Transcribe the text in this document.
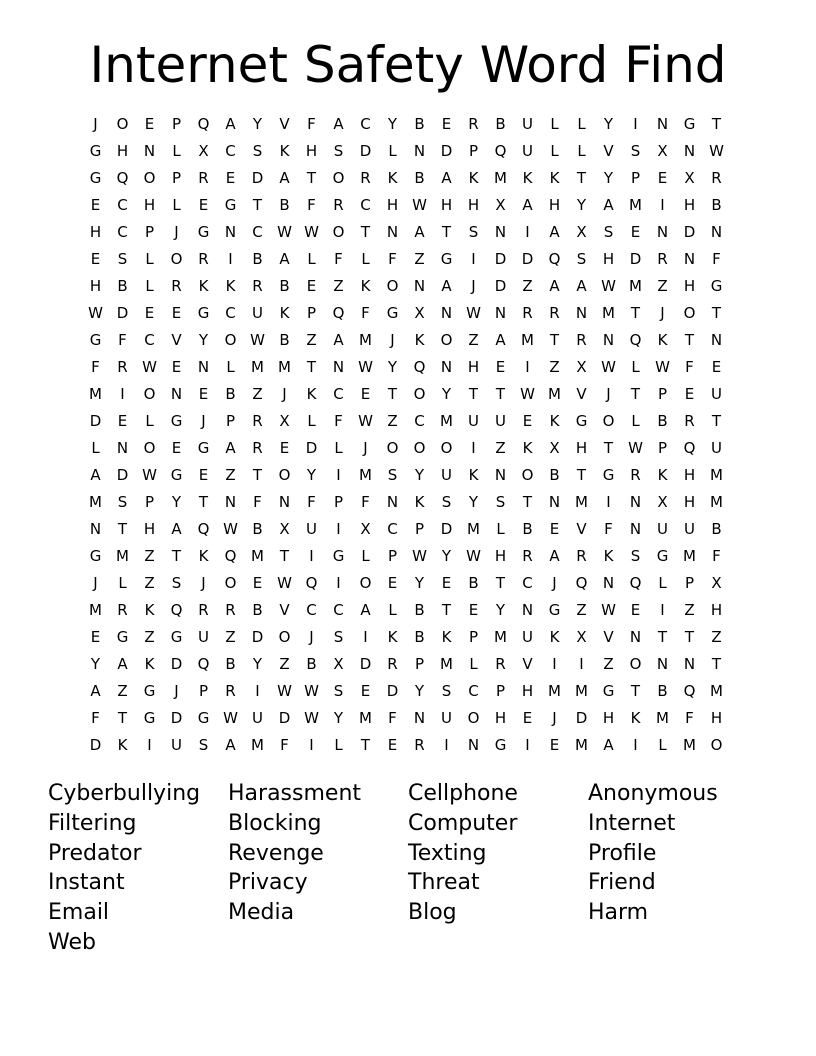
Internet Safety Word Find
J	O	E	P	Q	A	Y	V	F	A	C	Y	B	E	R	B	U	L	L	Y	I	N	G	T
G	H	N	L	X	C	S	K	H	S	D	L	N	D	P	Q	U	L	L	V	S	X	N W
G	Q	O	P	R	E	D	A	T	O	R	K	B	A	K	M	K	K	T	Y	P	E	X	R
E	C	H	L	E	G	T	B	F	R	C	H W H	H	X	A	H	Y	A	M	I	H	B
H	C	P	J	G	N	C W W O	T	N	A	T	S	N	I	A	X	S	E	N	D	N
E	S	L	O	R	I	B	A	L	F	L	F	Z	G	I	D	D	Q	S	H	D	R	N	F
H	B	L	R	K	K	R	B	E	Z	K	O	N	A	J	D	Z	A	A W M	Z	H	G
W D	E	E	G	C	U	K	P	Q	F	G	X	N W N	R	R	N M	T	J	O	T
G	F	C	V	Y	O W B	Z	A	M	J	K	O	Z	A	M	T	R	N	Q	K	T	N
F	R W E	N	L	M M	T	N W Y	Q	N	H	E	I	Z	X W	L	W	F	E
M	I	O	N	E	B	Z	J	K	C	E	T	O	Y	T	T	W M	V	J	T	P	E	U
D	E	L	G	J	P	R	X	L	F	W Z	C	M	U	U	E	K	G	O	L	B	R	T
L	N	O	E	G	A	R	E	D	L	J	O	O	O	I	Z	K	X	H	T	W	P	Q	U
A	D W G	E	Z	T	O	Y	I	M	S	Y	U	K	N	O	B	T	G	R	K	H M
M	S	P	Y	T	N	F	N	F	P	F	N	K	S	Y	S	T	N M	I	N	X	H M
N	T	H	A	Q W B	X	U	I	X	C	P	D M	L	B	E	V	F	N	U	U	B
G M	Z	T	K	Q M	T	I	G	L	P	W Y	W H	R	A	R	K	S	G M	F
J	L	Z	S	J	O	E W Q	I	O	E	Y	E	B	T	C	J	Q	N	Q	L	P	X
M	R	K	Q	R	R	B	V	C	C	A	L	B	T	E	Y	N	G	Z W E	I	Z	H
E	G	Z	G	U	Z	D	O	J	S	I	K	B	K	P	M	U	K	X	V	N	T	T	Z
Y	A	K	D	Q	B	Y	Z	B	X	D	R	P	M	L	R	V	I	I	Z	O	N	N	T
A	Z	G	J	P	R	I	W W S	E	D	Y	S	C	P	H M M G	T	B	Q M
F	T	G	D	G W U	D W Y	M	F	N	U	O	H	E	J	D	H	K	M	F	H
D	K	I	U	S	A	M	F	I	L	T	E	R	I	N	G	I	E	M	A	I	L	M O
Cyberbullying	Harassment	Cellphone	Anonymous
Filtering	Blocking	Computer	Internet
Predator	Revenge	Texting	Profile
Instant	Privacy	Threat	Friend
Email	Media	Blog	Harm
Web
